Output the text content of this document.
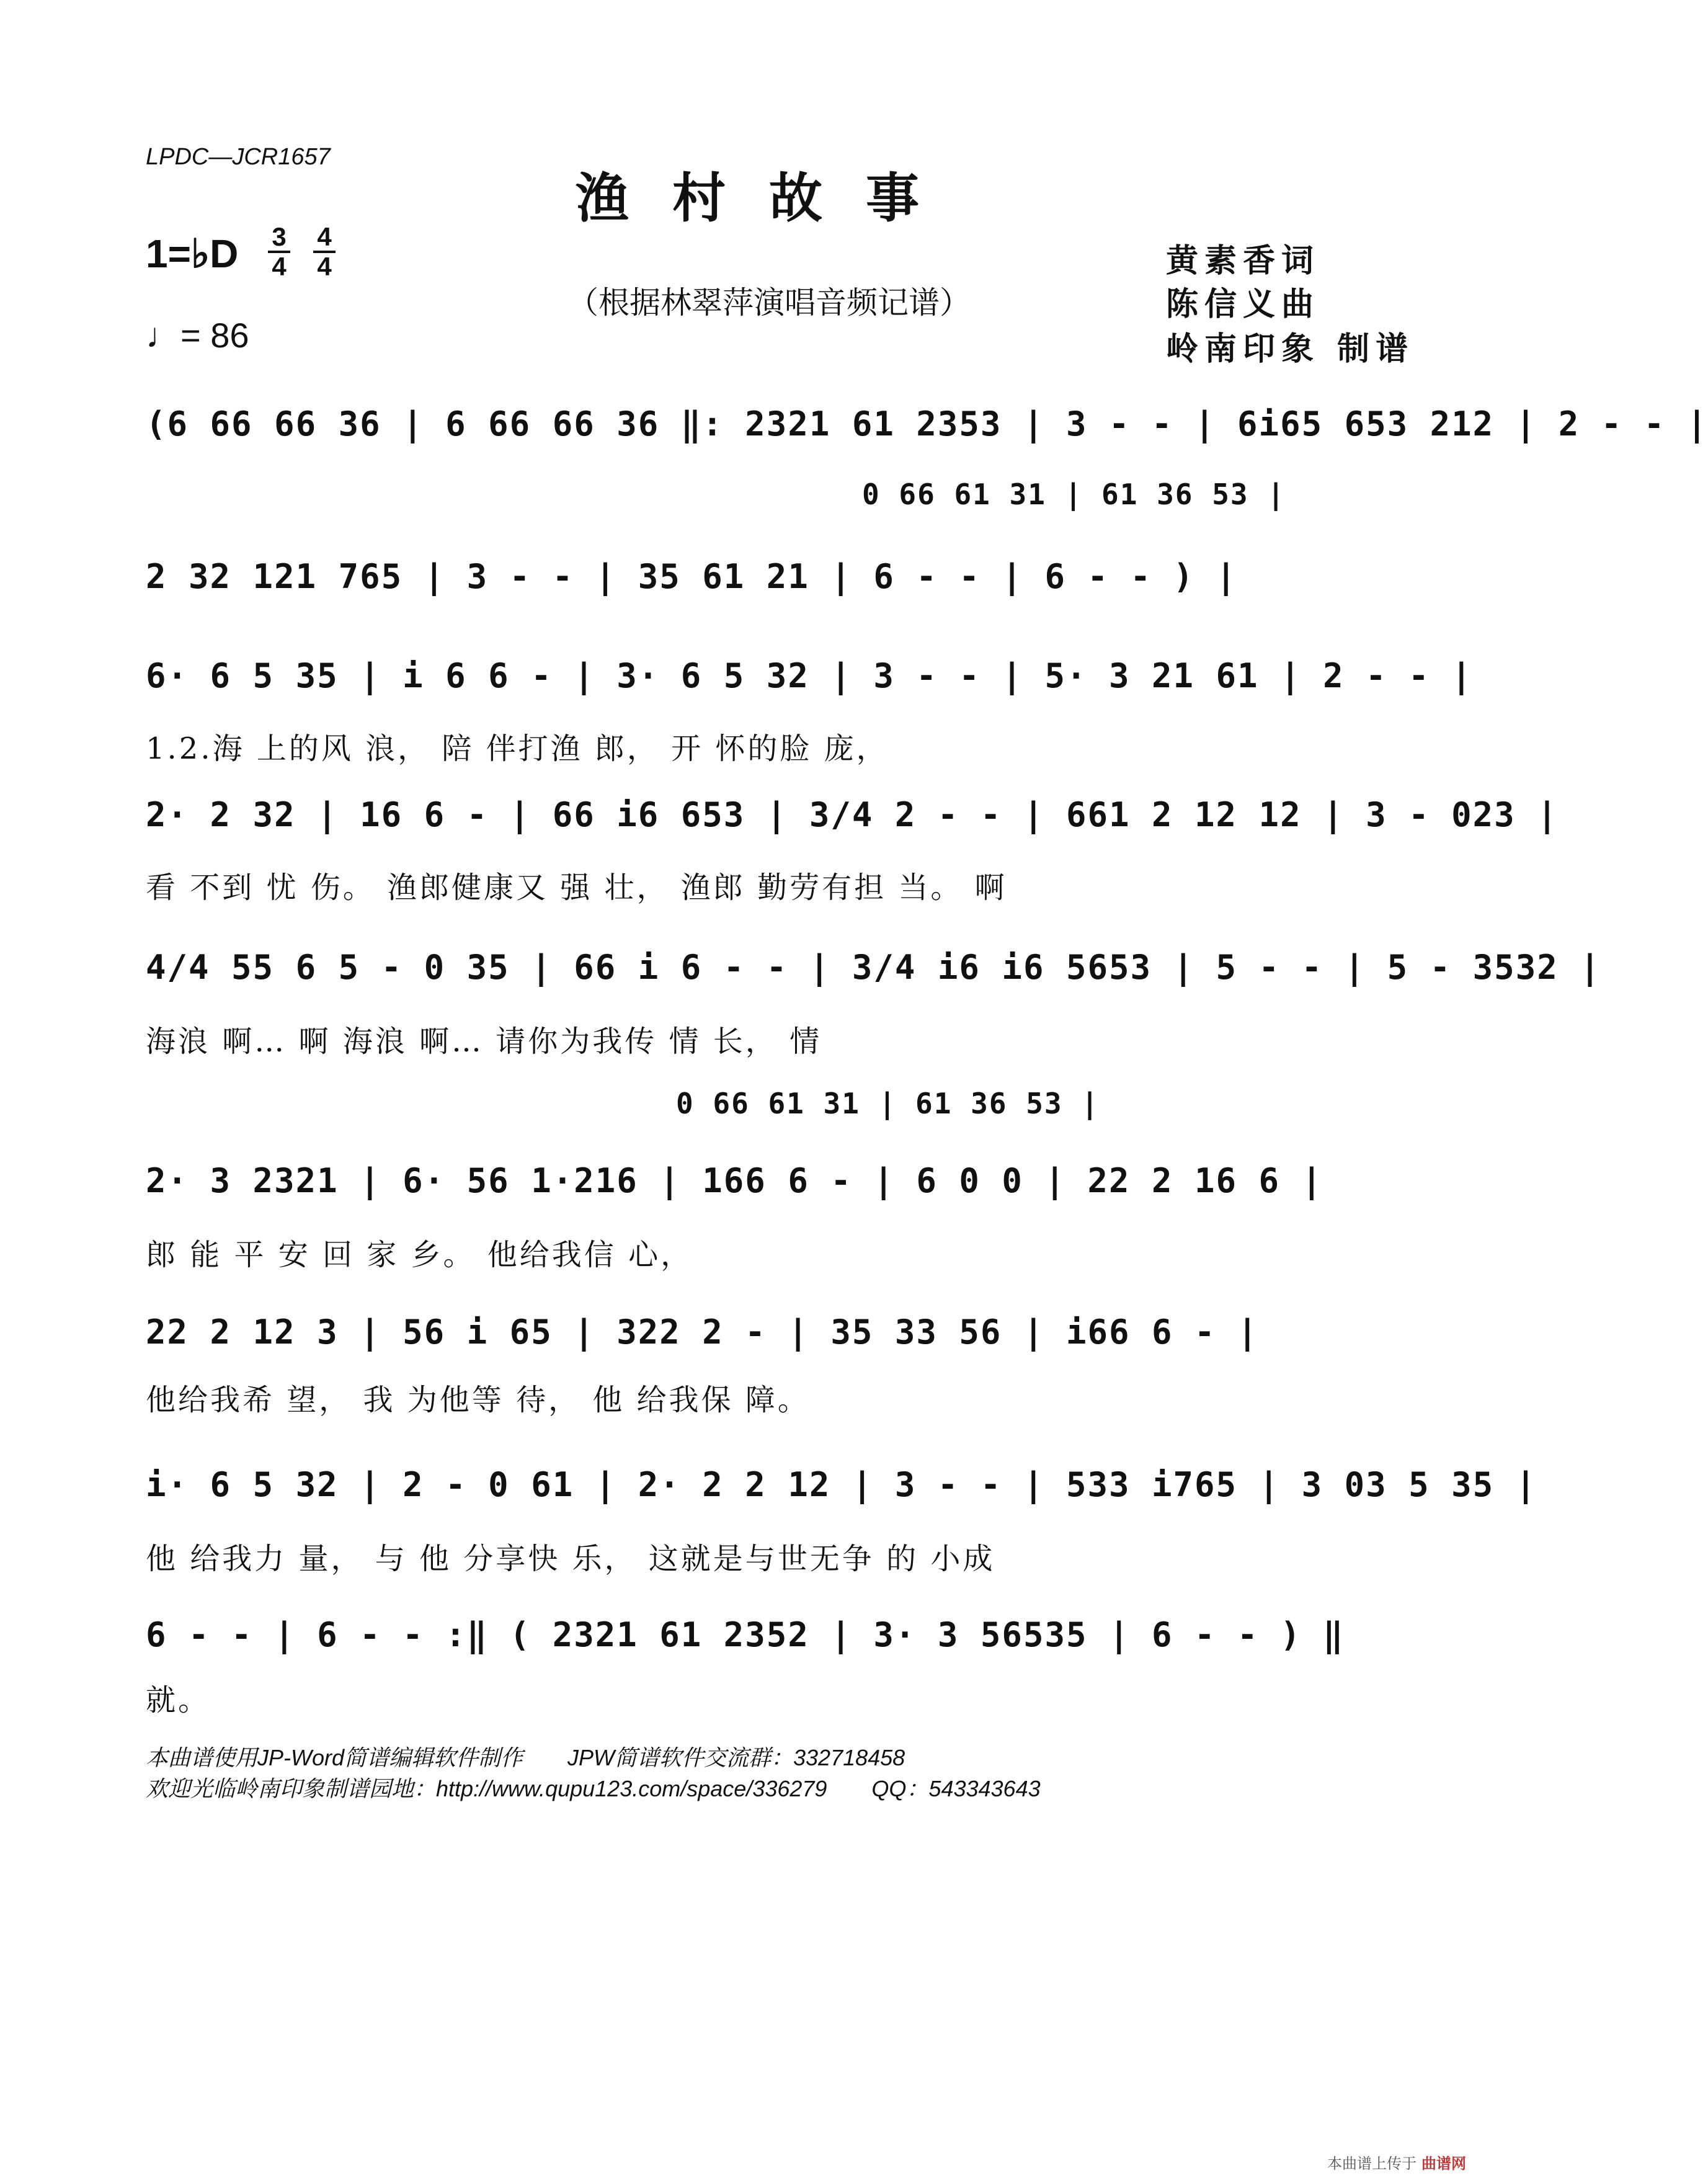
LPDC—JCR1657
渔村故事
（根据林翠萍演唱音频记谱）
黄素香词
陈信义曲
岭南印象 制谱
1=♭D 3
4
4
4
♩= 86
(6 66 66 36 | 6 66 66 36 ‖: 2321 61 2353 | 3 - - | 6i65 653 212 | 2 - - |
0 66 61 31 | 61 36 53 |
2 32 121 765 | 3 - - | 35 61 21 | 6 - - | 6 - - ) |
6· 6 5 35 | i 6 6 - | 3· 6 5 32 | 3 - - | 5· 3 21 61 | 2 - - |
1.2.海 上的风 浪， 陪 伴打渔 郎， 开 怀的脸 庞，
2· 2 32 | 16 6 - | 66 i6 653 | 3/4 2 - - | 661 2 12 12 | 3 - 023 |
看 不到 忧 伤。 渔郎健康又 强 壮， 渔郎 勤劳有担 当。 啊
4/4 55 6 5 - 0 35 | 66 i 6 - - | 3/4 i6 i6 5653 | 5 - - | 5 - 3532 |
海浪 啊… 啊 海浪 啊… 请你为我传 情 长， 情
0 66 61 31 | 61 36 53 |
2· 3 2321 | 6· 56 1·216 | 166 6 - | 6 0 0 | 22 2 16 6 |
郎 能 平 安 回 家 乡。 他给我信 心，
22 2 12 3 | 56 i 65 | 322 2 - | 35 33 56 | i66 6 - |
他给我希 望， 我 为他等 待， 他 给我保 障。
i· 6 5 32 | 2 - 0 61 | 2· 2 2 12 | 3 - - | 533 i765 | 3 03 5 35 |
他 给我力 量， 与 他 分享快 乐， 这就是与世无争 的 小成
6 - - | 6 - - :‖ ( 2321 61 2352 | 3· 3 56535 | 6 - - ) ‖
就。
本曲谱使用JP-Word简谱编辑软件制作　　JPW简谱软件交流群：332718458
欢迎光临岭南印象制谱园地：http://www.qupu123.com/space/336279　　QQ：543343643
本曲谱上传于 曲谱网
